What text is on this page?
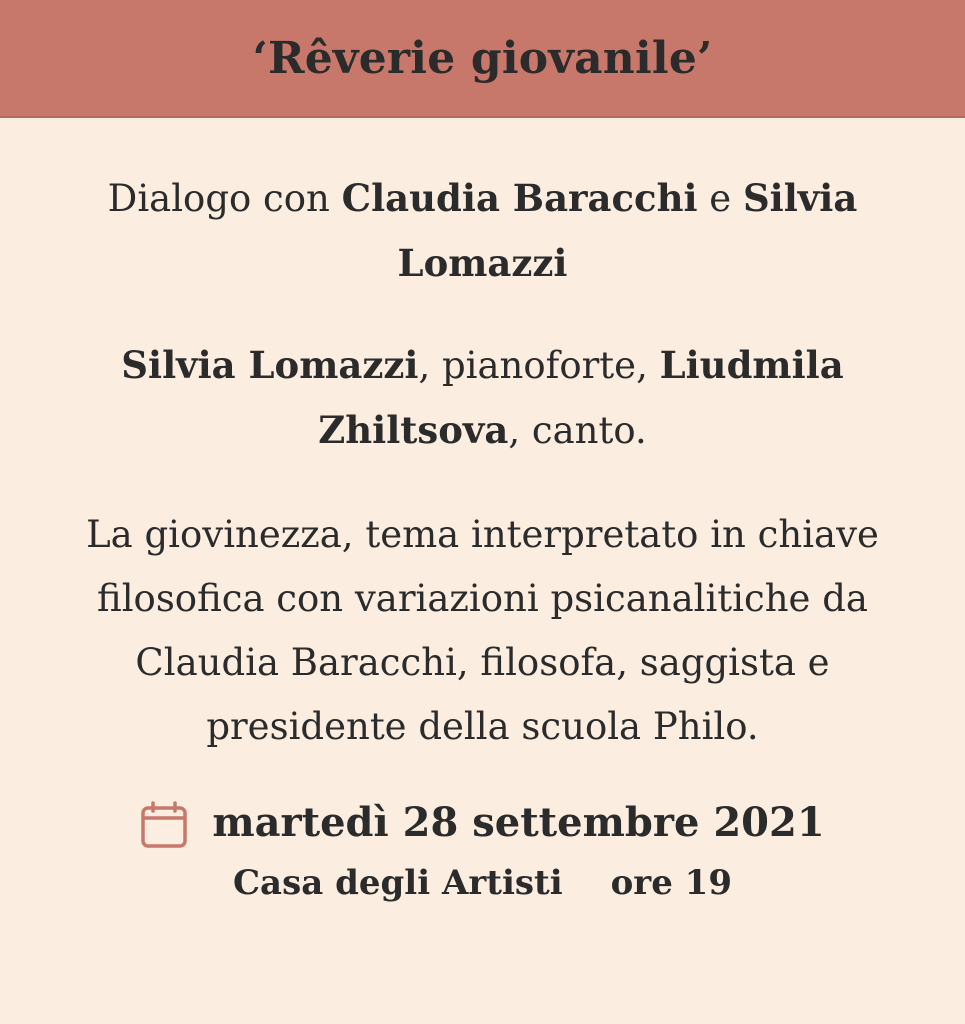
‘Rêverie giovanile’

Dialogo con Claudia Baracchi e Silvia Lomazzi

Silvia Lomazzi, pianoforte, Liudmila Zhiltsova, canto.

La giovinezza, tema interpretato in chiave filosofica con variazioni psicanalitiche da Claudia Baracchi, filosofa, saggista e presidente della scuola Philo.

martedì 28 settembre 2021
Casa degli Artisti ore 19
